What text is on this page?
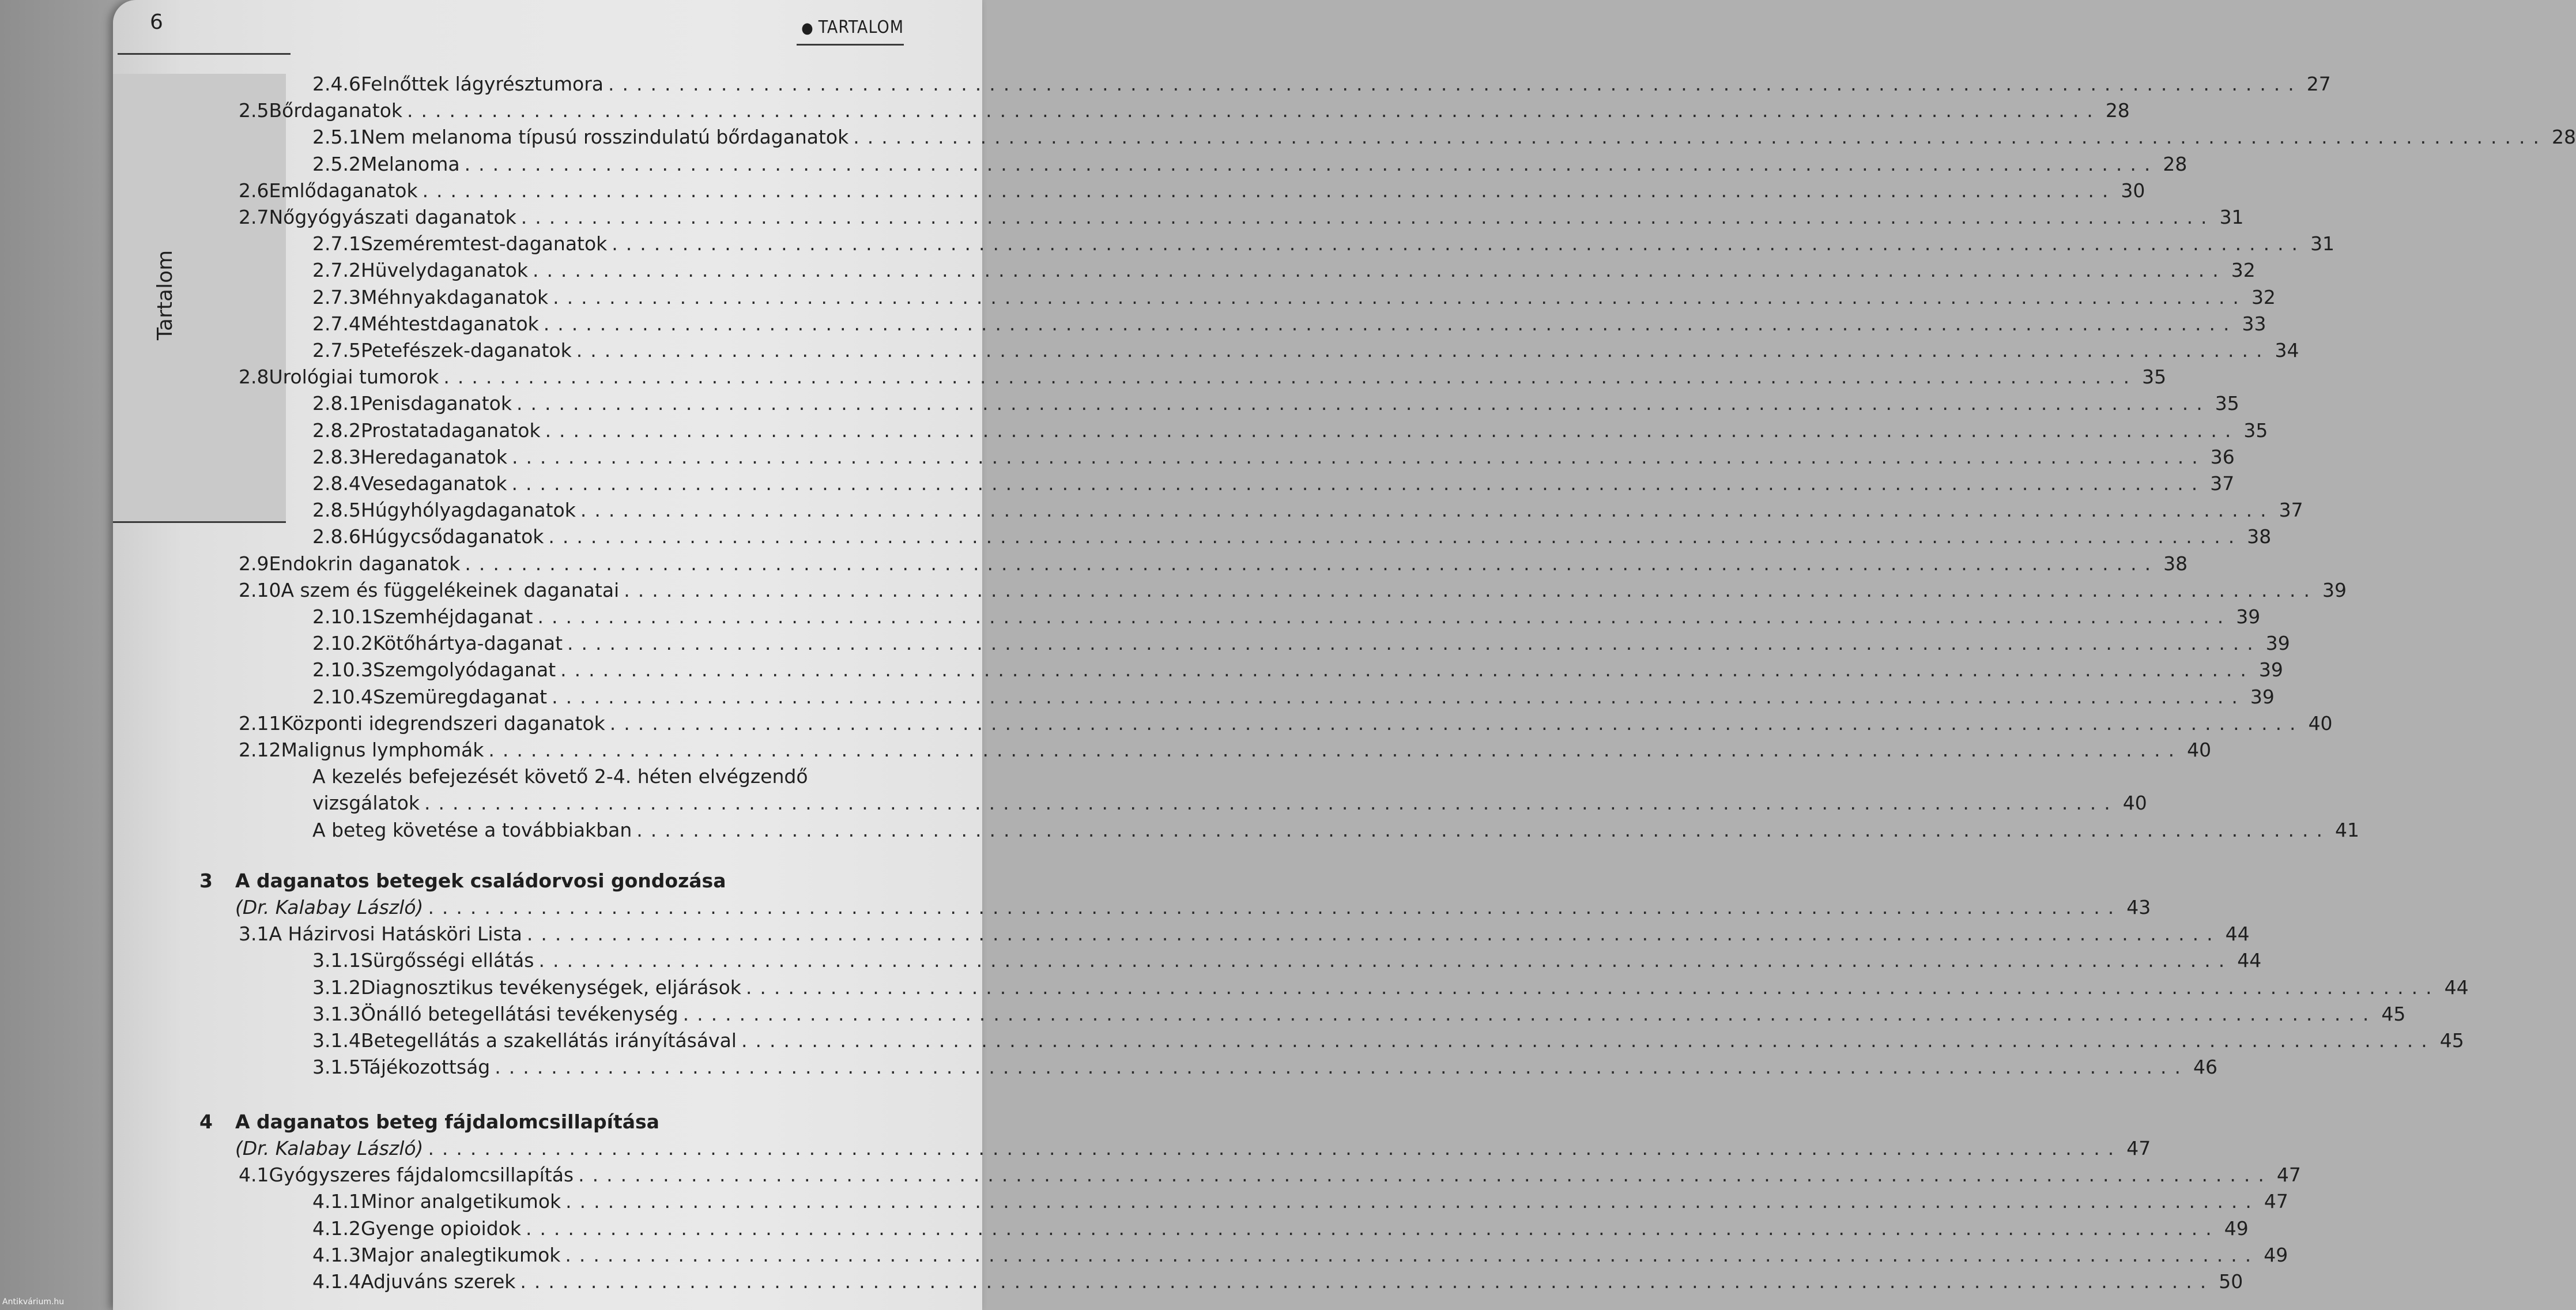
6
Tartalom
● TARTALOM
2.4.6 Felnőttek lágyrésztumora ........................................................................................................................ 27
2.5 Bőrdaganatok ........................................................................................................................ 28
2.5.1 Nem melanoma típusú rosszindulatú bőrdaganatok ........................................................................................................................ 28
2.5.2 Melanoma ........................................................................................................................ 28
2.6 Emlődaganatok ........................................................................................................................ 30
2.7 Nőgyógyászati daganatok ........................................................................................................................ 31
2.7.1 Szeméremtest-daganatok ........................................................................................................................ 31
2.7.2 Hüvelydaganatok ........................................................................................................................ 32
2.7.3 Méhnyakdaganatok ........................................................................................................................ 32
2.7.4 Méhtestdaganatok ........................................................................................................................ 33
2.7.5 Petefészek-daganatok ........................................................................................................................ 34
2.8 Urológiai tumorok ........................................................................................................................ 35
2.8.1 Penisdaganatok ........................................................................................................................ 35
2.8.2 Prostatadaganatok ........................................................................................................................ 35
2.8.3 Heredaganatok ........................................................................................................................ 36
2.8.4 Vesedaganatok ........................................................................................................................ 37
2.8.5 Húgyhólyagdaganatok ........................................................................................................................ 37
2.8.6 Húgycsődaganatok ........................................................................................................................ 38
2.9 Endokrin daganatok ........................................................................................................................ 38
2.10 A szem és függelékeinek daganatai ........................................................................................................................ 39
2.10.1 Szemhéjdaganat ........................................................................................................................ 39
2.10.2 Kötőhártya-daganat ........................................................................................................................ 39
2.10.3 Szemgolyódaganat ........................................................................................................................ 39
2.10.4 Szemüregdaganat ........................................................................................................................ 39
2.11 Központi idegrendszeri daganatok ........................................................................................................................ 40
2.12 Malignus lymphomák ........................................................................................................................ 40
A kezelés befejezését követő 2-4. héten elvégzendő
vizsgálatok ........................................................................................................................ 40
A beteg követése a továbbiakban ........................................................................................................................ 41
3	A daganatos betegek családorvosi gondozása
(Dr. Kalabay László) ........................................................................................................................ 43
3.1 A Házirvosi Hatásköri Lista ........................................................................................................................ 44
3.1.1 Sürgősségi ellátás ........................................................................................................................ 44
3.1.2 Diagnosztikus tevékenységek, eljárások ........................................................................................................................ 44
3.1.3 Önálló betegellátási tevékenység ........................................................................................................................ 45
3.1.4 Betegellátás a szakellátás irányításával ........................................................................................................................ 45
3.1.5 Tájékozottság ........................................................................................................................ 46
4	A daganatos beteg fájdalomcsillapítása
(Dr. Kalabay László) ........................................................................................................................ 47
4.1 Gyógyszeres fájdalomcsillapítás ........................................................................................................................ 47
4.1.1 Minor analgetikumok ........................................................................................................................ 47
4.1.2 Gyenge opioidok ........................................................................................................................ 49
4.1.3 Major analegtikumok ........................................................................................................................ 49
4.1.4 Adjuváns szerek ........................................................................................................................ 50
Antikvárium.hu
